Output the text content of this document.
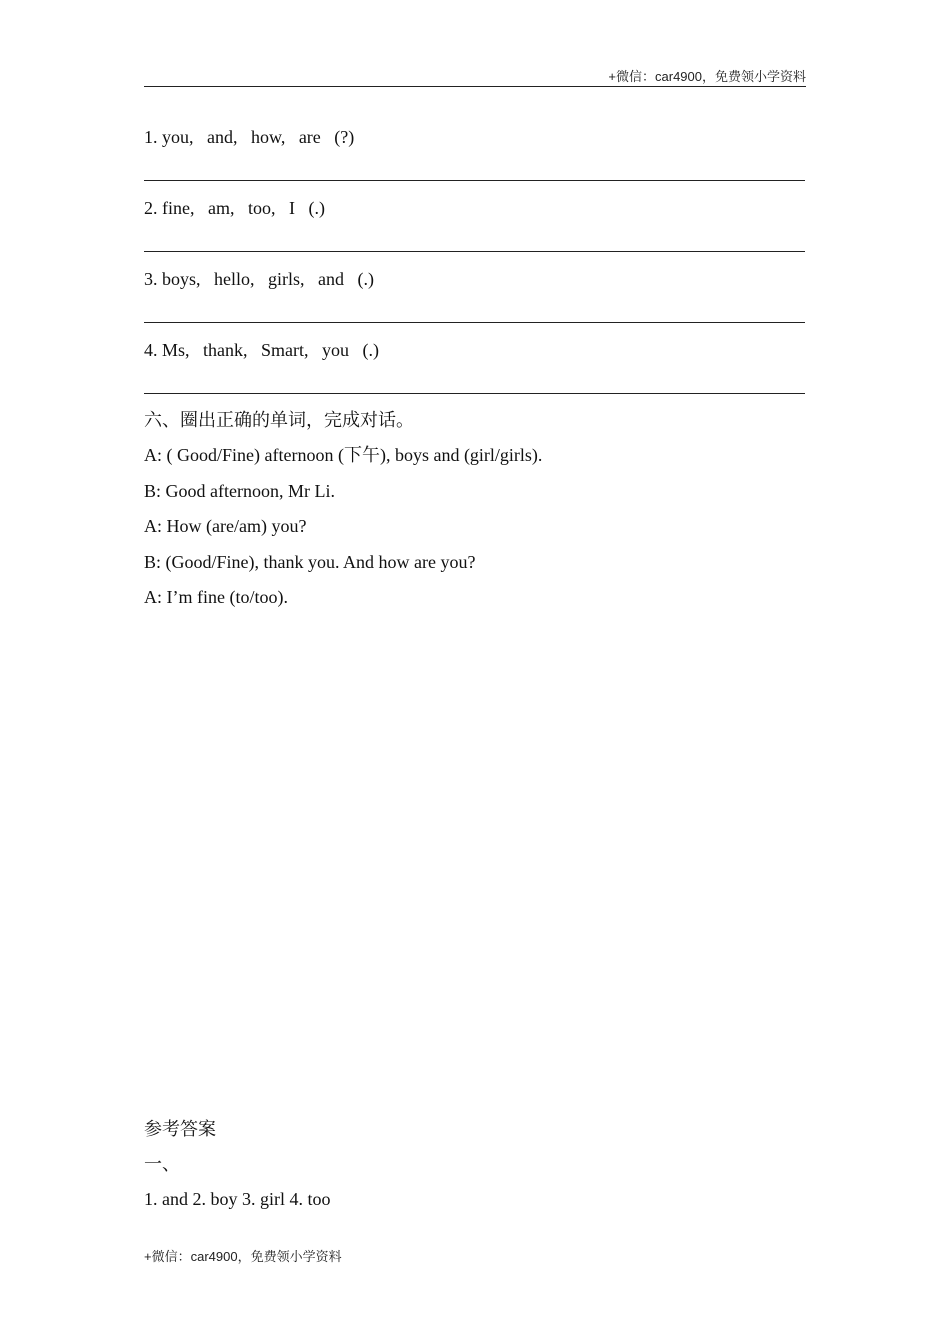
+微信：car4900，免费领小学资料
1. you,   and,   how,   are   (?)
2. fine,   am,   too,   I   (.)
3. boys,   hello,   girls,   and   (.)
4. Ms,   thank,   Smart,   you   (.)
六、圈出正确的单词，完成对话。
A: ( Good/Fine) afternoon (下午), boys and (girl/girls).
B: Good afternoon, Mr Li.
A: How (are/am) you?
B: (Good/Fine), thank you. And how are you?
A: I’m fine (to/too).
参考答案
一、
1. and 2. boy 3. girl 4. too
+微信：car4900，免费领小学资料
